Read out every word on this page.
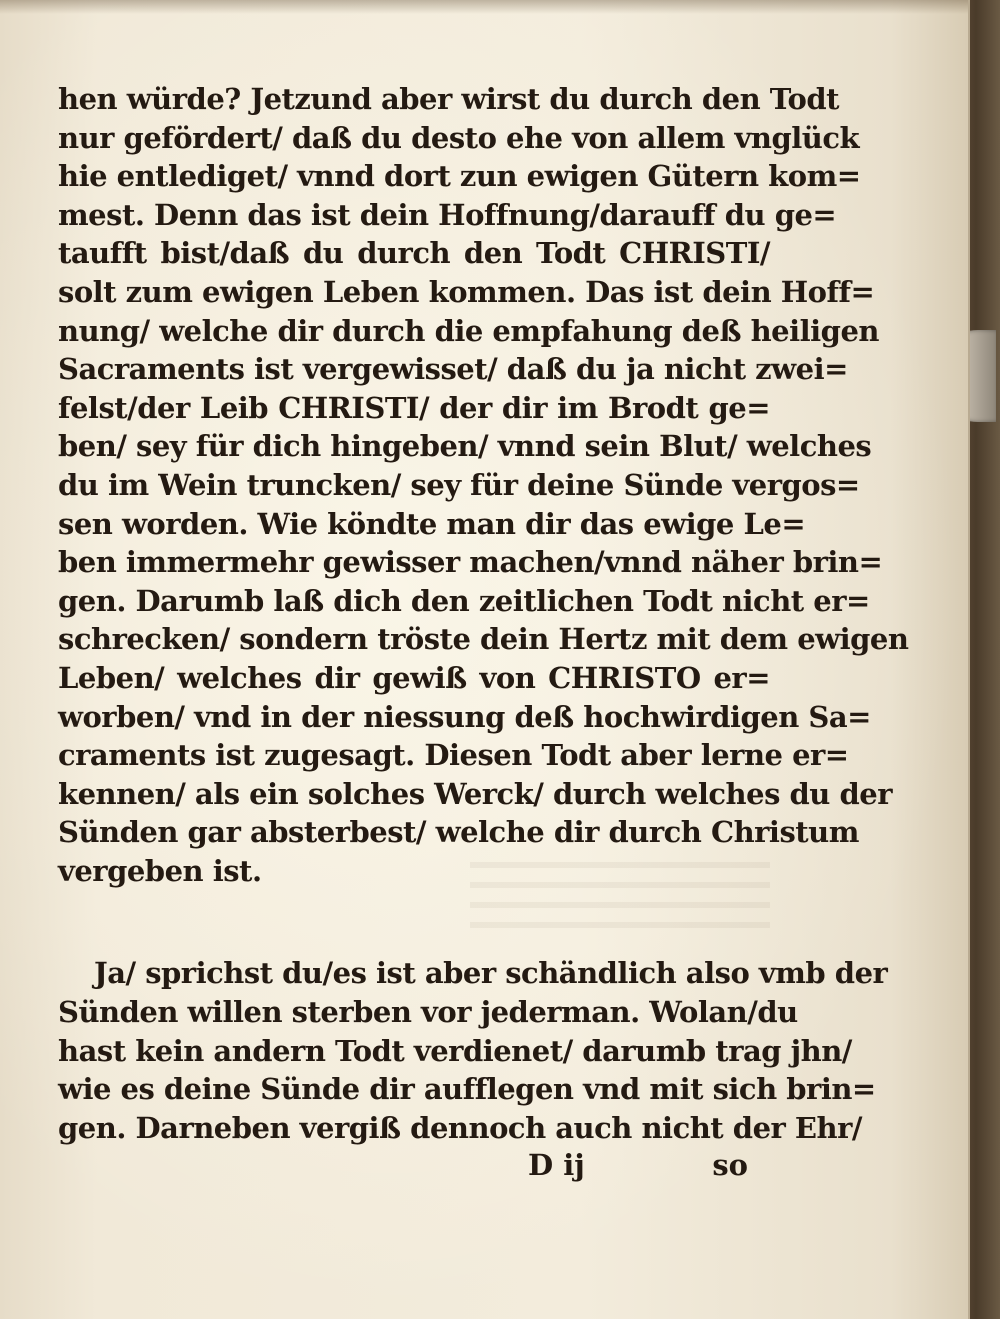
hen würde? Jetzund aber wirst du durch den Todt
nur gefördert/ daß du desto ehe von allem vnglück
hie entlediget/ vnnd dort zun ewigen Gütern kom=
mest. Denn das ist dein Hoffnung/darauff du ge=
taufft bist/daß du durch den Todt CHRISTI/
solt zum ewigen Leben kommen. Das ist dein Hoff=
nung/ welche dir durch die empfahung deß heiligen
Sacraments ist vergewisset/ daß du ja nicht zwei=
felst/der Leib CHRISTI/ der dir im Brodt ge=
ben/ sey für dich hingeben/ vnnd sein Blut/ welches
du im Wein truncken/ sey für deine Sünde vergos=
sen worden. Wie köndte man dir das ewige Le=
ben immermehr gewisser machen/vnnd näher brin=
gen. Darumb laß dich den zeitlichen Todt nicht er=
schrecken/ sondern tröste dein Hertz mit dem ewigen
Leben/ welches dir gewiß von CHRISTO er=
worben/ vnd in der niessung deß hochwirdigen Sa=
craments ist zugesagt. Diesen Todt aber lerne er=
kennen/ als ein solches Werck/ durch welches du der
Sünden gar absterbest/ welche dir durch Christum
vergeben ist.
Ja/ sprichst du/es ist aber schändlich also vmb der
Sünden willen sterben vor jederman. Wolan/du
hast kein andern Todt verdienet/ darumb trag jhn/
wie es deine Sünde dir aufflegen vnd mit sich brin=
gen. Darneben vergiß dennoch auch nicht der Ehr/
D ij	so
